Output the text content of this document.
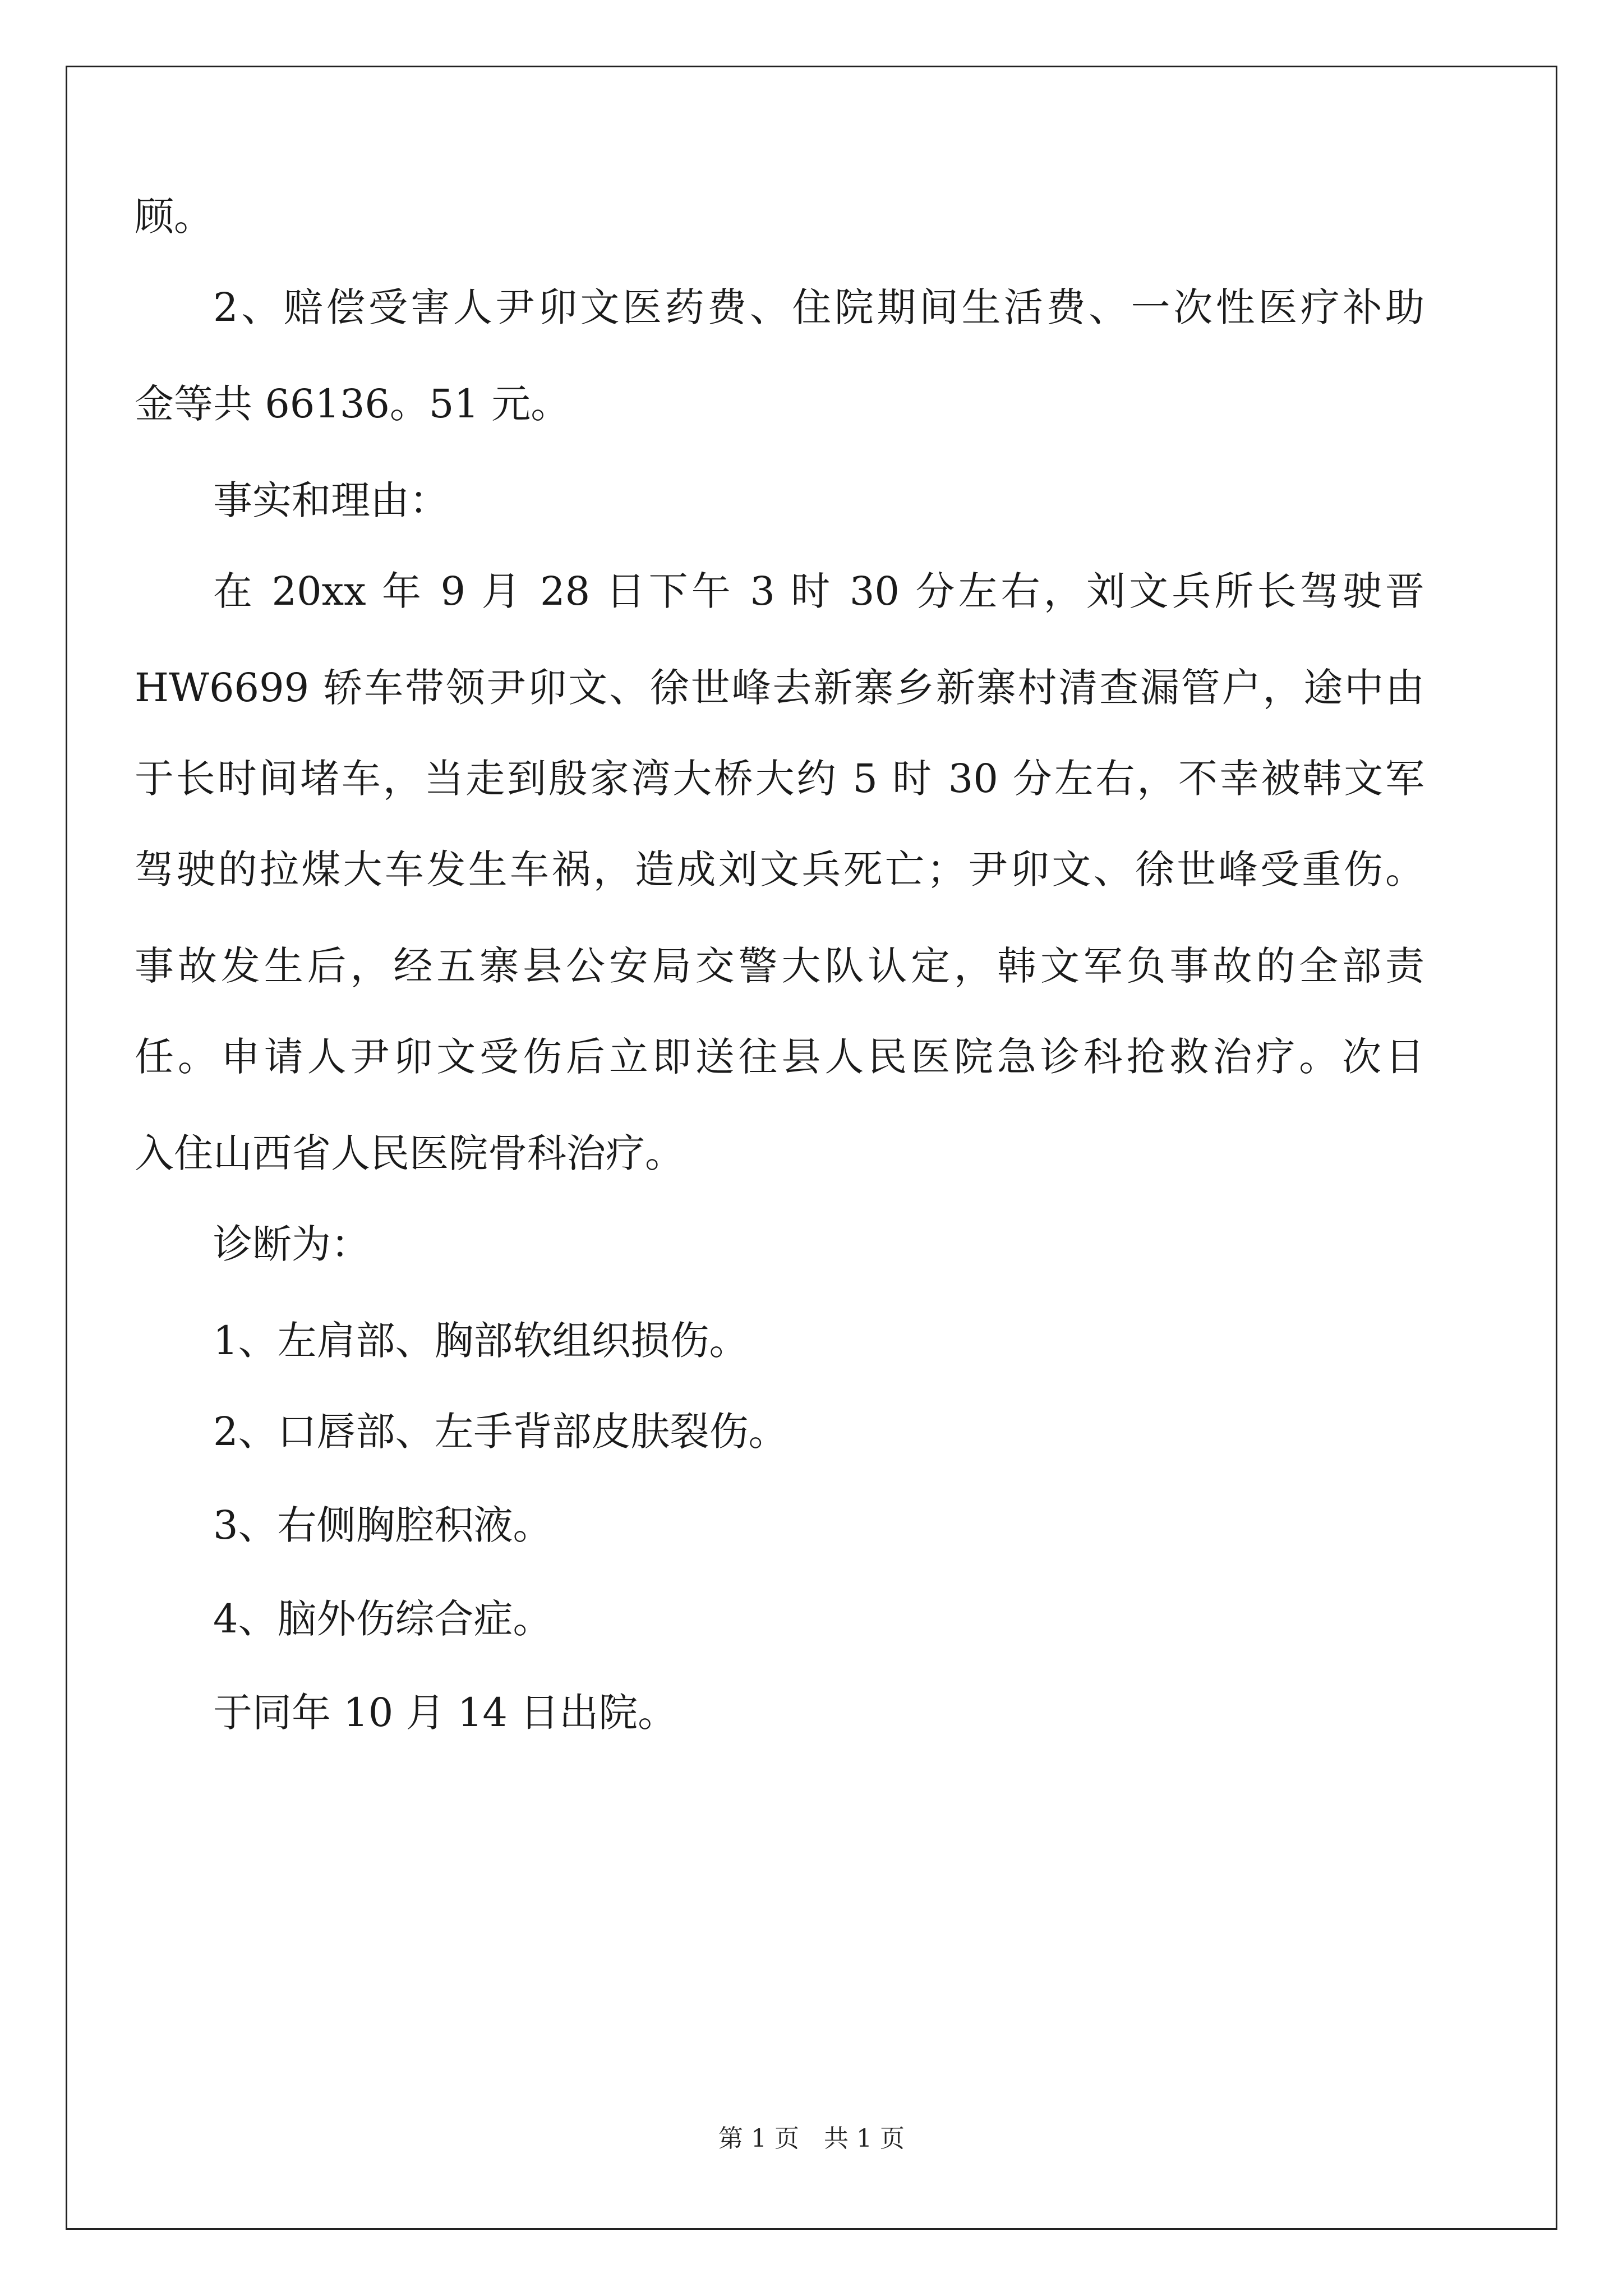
顾。

2、赔偿受害人尹卯文医药费、住院期间生活费、一次性医疗补助

金等共 66136。51 元。

事实和理由：

在 20xx 年 9 月 28 日下午 3 时 30 分左右，刘文兵所长驾驶晋

HW6699 轿车带领尹卯文、徐世峰去新寨乡新寨村清查漏管户，途中由

于长时间堵车，当走到殷家湾大桥大约 5 时 30 分左右，不幸被韩文军

驾驶的拉煤大车发生车祸，造成刘文兵死亡；尹卯文、徐世峰受重伤。

事故发生后，经五寨县公安局交警大队认定，韩文军负事故的全部责

任。申请人尹卯文受伤后立即送往县人民医院急诊科抢救治疗。次日

入住山西省人民医院骨科治疗。

诊断为：

1、左肩部、胸部软组织损伤。

2、口唇部、左手背部皮肤裂伤。

3、右侧胸腔积液。

4、脑外伤综合症。

于同年 10 月 14 日出院。

第 1 页 共 1 页
